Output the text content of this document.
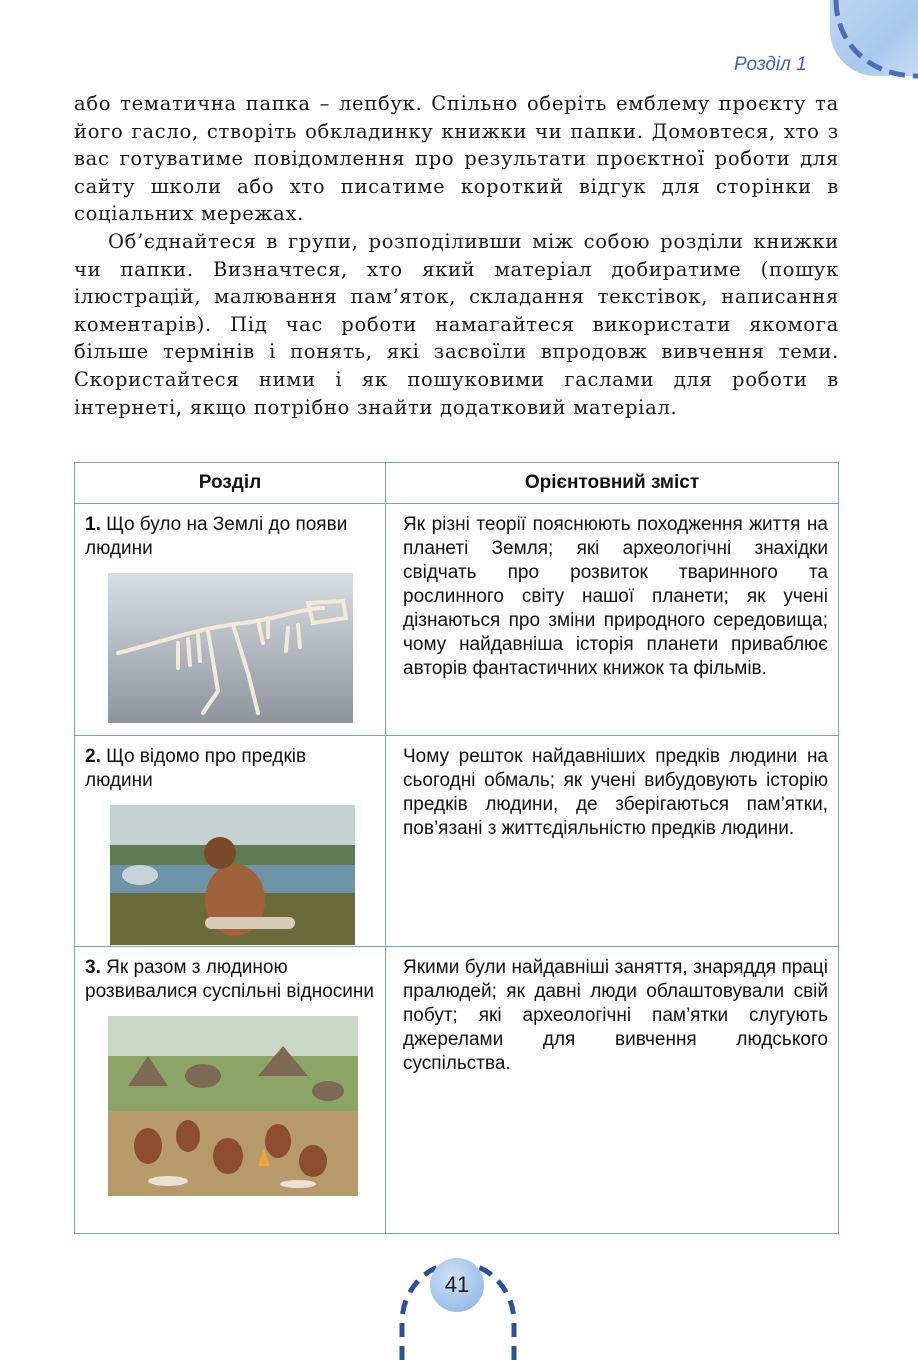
Розділ 1

або тематична папка – лепбук. Спільно оберіть емблему проєкту та його гасло, створіть обкладинку книжки чи папки. Домовтеся, хто з вас готуватиме повідомлення про результати проєктної роботи для сайту школи або хто писатиме короткий відгук для сторінки в соціальних мережах.

Об’єднайтеся в групи, розподіливши між собою розділи книжки чи папки. Визначтеся, хто який матеріал добиратиме (пошук ілюстрацій, малювання пам’яток, складання текстівок, написання коментарів). Під час роботи намагайтеся використати якомога більше термінів і понять, які засвоїли впродовж вивчення теми. Скористайтеся ними і як пошуковими гаслами для роботи в інтернеті, якщо потрібно знайти додатковий матеріал.

Розділ	Орієнтовний зміст

1. Що було на Землі до появи людини	Як різні теорії пояснюють походження життя на планеті Земля; які археологічні знахідки свідчать про розвиток тваринного та рослинного світу нашої планети; як учені дізнаються про зміни природного середовища; чому найдавніша історія планети приваблює авторів фантастичних книжок та фільмів.

2. Що відомо про предків людини	Чому решток найдавніших предків людини на сьогодні обмаль; як учені вибудовують історію предків людини, де зберігаються пам’ятки, пов’язані з життєдіяльністю предків людини.

3. Як разом з людиною розвивалися суспільні відносини	Якими були найдавніші заняття, знаряддя праці пралюдей; як давні люди облаштовували свій побут; які археологічні пам’ятки слугують джерелами для вивчення людського суспільства.
41
